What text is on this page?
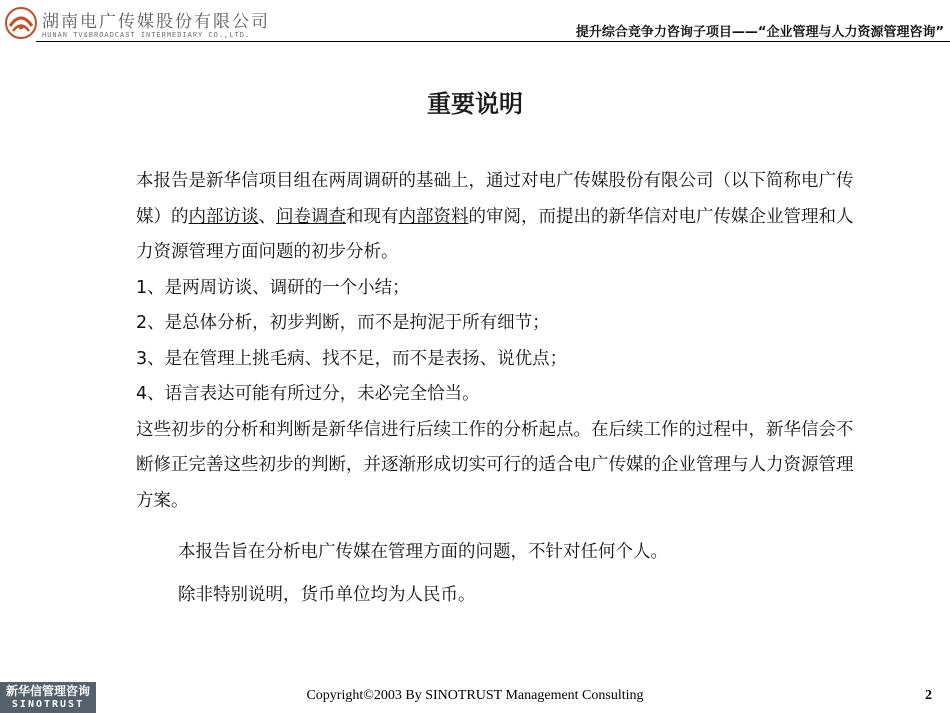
湖南电广传媒股份有限公司
HUNAN TV&BROADCAST INTERMEDIARY CO.,LTD.	提升综合竞争力咨询子项目——“企业管理与人力资源管理咨询”
重要说明

本报告是新华信项目组在两周调研的基础上，通过对电广传媒股份有限公司（以下简称电广传媒）的内部访谈、问卷调查和现有内部资料的审阅，而提出的新华信对电广传媒企业管理和人力资源管理方面问题的初步分析。

1、是两周访谈、调研的一个小结；

2、是总体分析，初步判断，而不是拘泥于所有细节；

3、是在管理上挑毛病、找不足，而不是表扬、说优点；

4、语言表达可能有所过分，未必完全恰当。

这些初步的分析和判断是新华信进行后续工作的分析起点。在后续工作的过程中，新华信会不断修正完善这些初步的判断，并逐渐形成切实可行的适合电广传媒的企业管理与人力资源管理方案。

本报告旨在分析电广传媒在管理方面的问题，不针对任何个人。

除非特别说明，货币单位均为人民币。

新华信管理咨询
SINOTRUST
Copyright©2003 By SINOTRUST Management Consulting	2
